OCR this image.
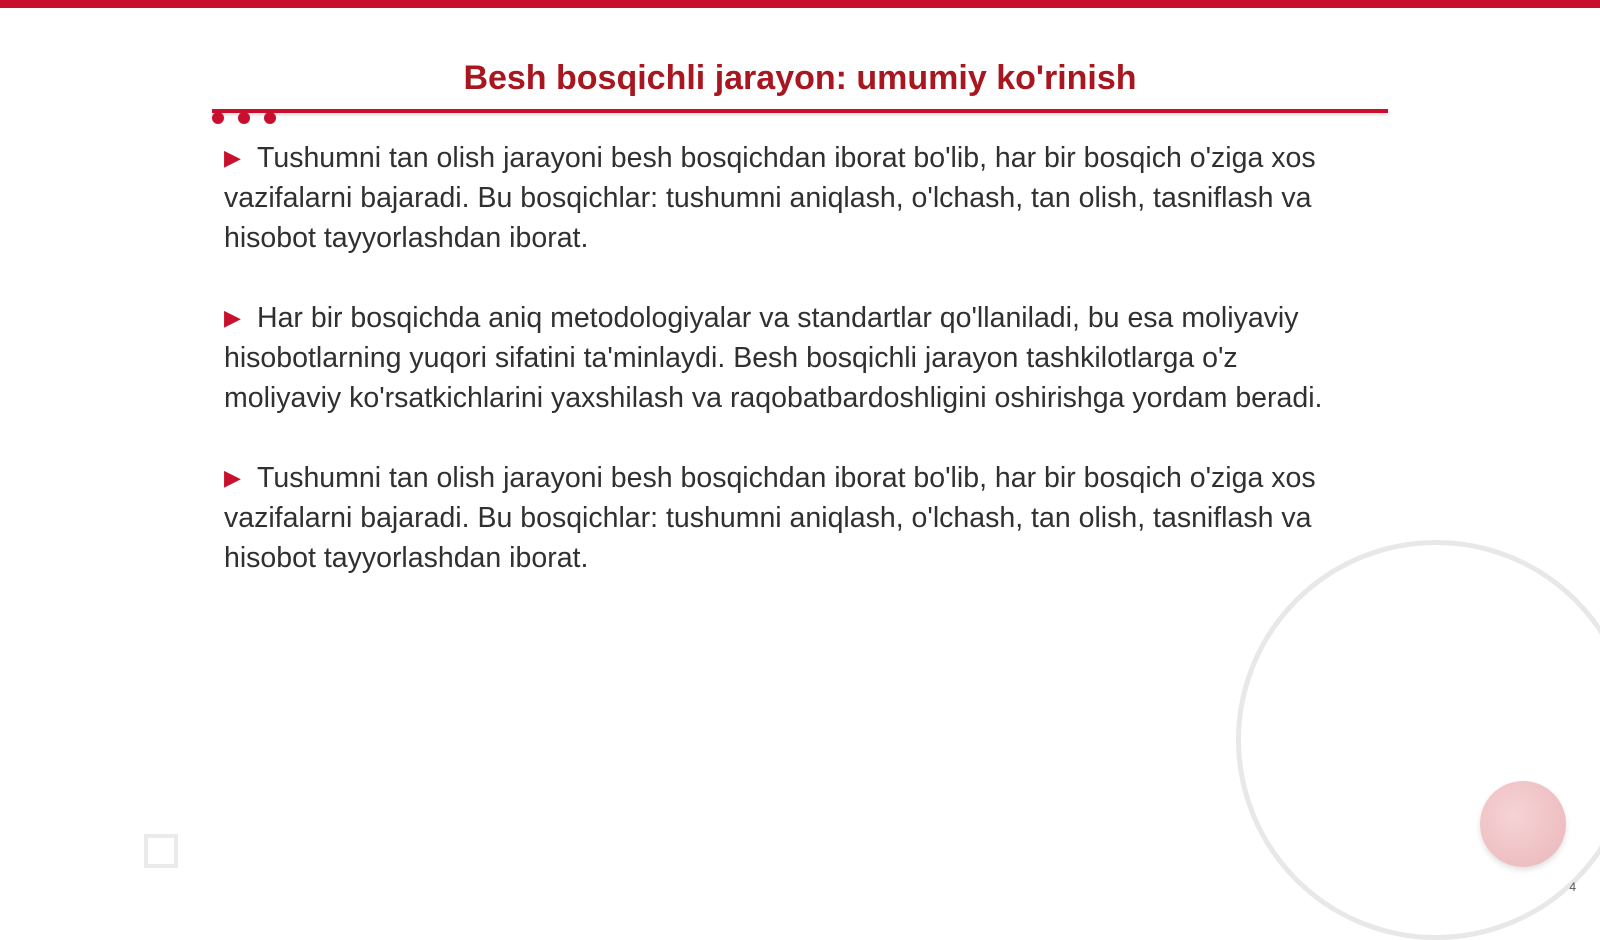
Besh bosqichli jarayon: umumiy ko'rinish

▶ Tushumni tan olish jarayoni besh bosqichdan iborat bo'lib, har bir bosqich o'ziga xos vazifalarni bajaradi. Bu bosqichlar: tushumni aniqlash, o'lchash, tan olish, tasniflash va hisobot tayyorlashdan iborat.

▶ Har bir bosqichda aniq metodologiyalar va standartlar qo'llaniladi, bu esa moliyaviy hisobotlarning yuqori sifatini ta'minlaydi. Besh bosqichli jarayon tashkilotlarga o'z moliyaviy ko'rsatkichlarini yaxshilash va raqobatbardoshligini oshirishga yordam beradi.

▶ Tushumni tan olish jarayoni besh bosqichdan iborat bo'lib, har bir bosqich o'ziga xos vazifalarni bajaradi. Bu bosqichlar: tushumni aniqlash, o'lchash, tan olish, tasniflash va hisobot tayyorlashdan iborat.

4
